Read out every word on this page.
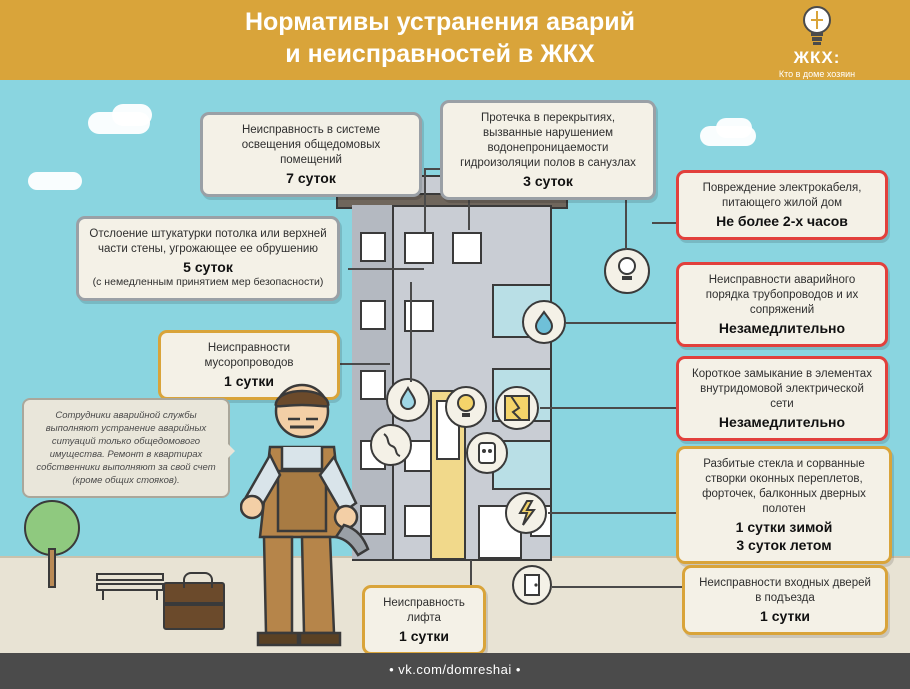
Нормативы устранения аварий
и неисправностей в ЖКХ	ЖКХ:
Кто в доме хозяин
Неисправность в системе освещения общедомовых помещений
7 суток
Протечка в перекрытиях, вызванные нарушением водонепроницаемости гидроизоляции полов в санузлах
3 суток	Повреждение электрокабеля, питающего жилой дом
Не более 2-х часов
Отслоение штукатурки потолка или верхней части стены, угрожающее ее обрушению
5 суток
(с немедленным принятием мер безопасности)	Неисправности аварийного порядка трубопроводов и их сопряжений
Незамедлительно
Неисправности мусоропроводов
1 сутки	Короткое замыкание в элементах внутридомовой электрической сети
Незамедлительно
Разбитые стекла и сорванные створки оконных переплетов, форточек, балконных дверных полотен
1 сутки зимой
3 суток летом
Неисправности входных дверей в подъезда
1 сутки
Неисправность лифта
1 сутки
Сотрудники аварийной службы выполняют устранение аварийных ситуаций только общедомового имущества. Ремонт в квартирах собственники выполняют за свой счет (кроме общих стояков).
• vk.com/domreshai •
